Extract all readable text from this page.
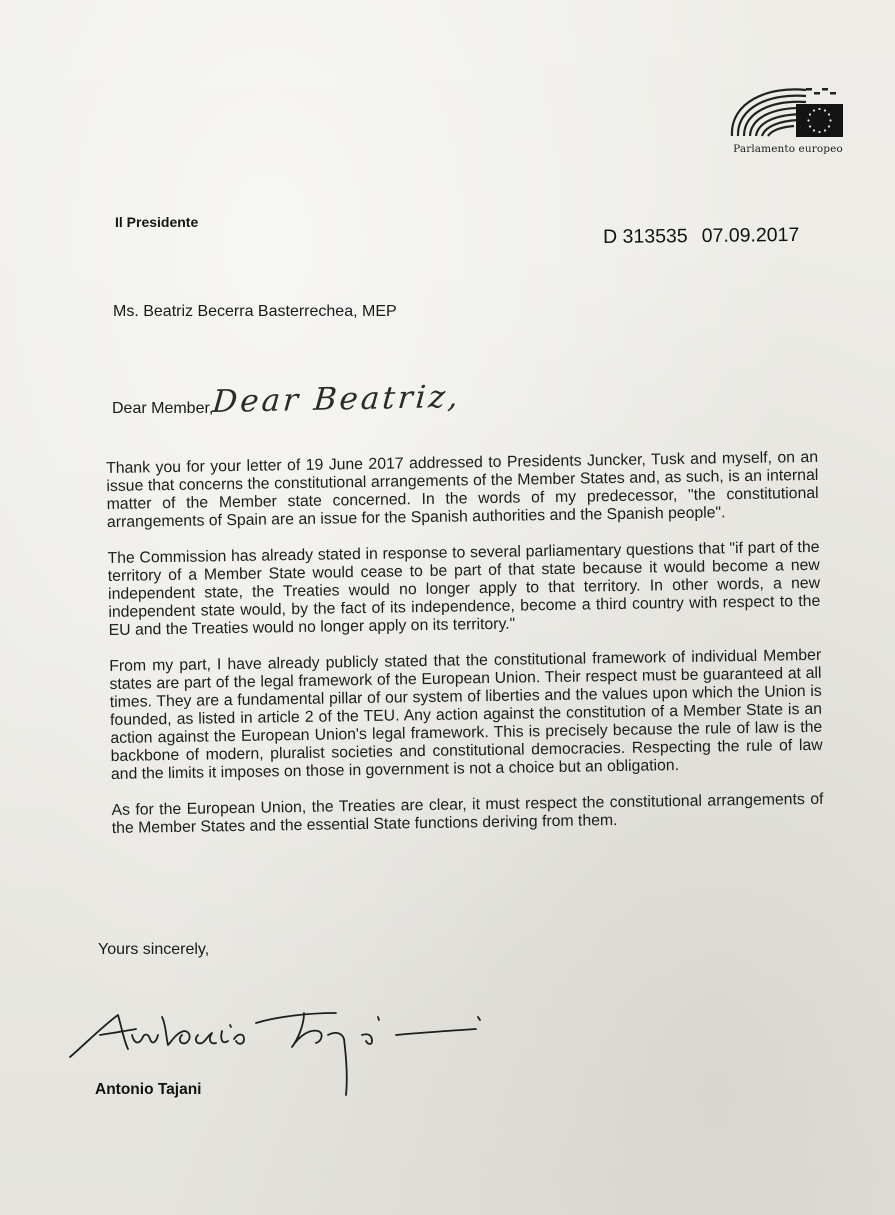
Parlamento europeo
Il Presidente
D 313535 07.09.2017
Ms. Beatriz Becerra Basterrechea, MEP
Dear Member,
Dear Beatriz,

Thank you for your letter of 19 June 2017 addressed to Presidents Juncker, Tusk and myself, on an issue that concerns the constitutional arrangements of the Member States and, as such, is an internal matter of the Member state concerned. In the words of my predecessor, "the constitutional arrangements of Spain are an issue for the Spanish authorities and the Spanish people".

The Commission has already stated in response to several parliamentary questions that "if part of the territory of a Member State would cease to be part of that state because it would become a new independent state, the Treaties would no longer apply to that territory. In other words, a new independent state would, by the fact of its independence, become a third country with respect to the EU and the Treaties would no longer apply on its territory."

From my part, I have already publicly stated that the constitutional framework of individual Member states are part of the legal framework of the European Union. Their respect must be guaranteed at all times. They are a fundamental pillar of our system of liberties and the values upon which the Union is founded, as listed in article 2 of the TEU. Any action against the constitution of a Member State is an action against the European Union's legal framework. This is precisely because the rule of law is the backbone of modern, pluralist societies and constitutional democracies. Respecting the rule of law and the limits it imposes on those in government is not a choice but an obligation.

As for the European Union, the Treaties are clear, it must respect the constitutional arrangements of the Member States and the essential State functions deriving from them.

Yours sincerely,
Antonio Tajani
